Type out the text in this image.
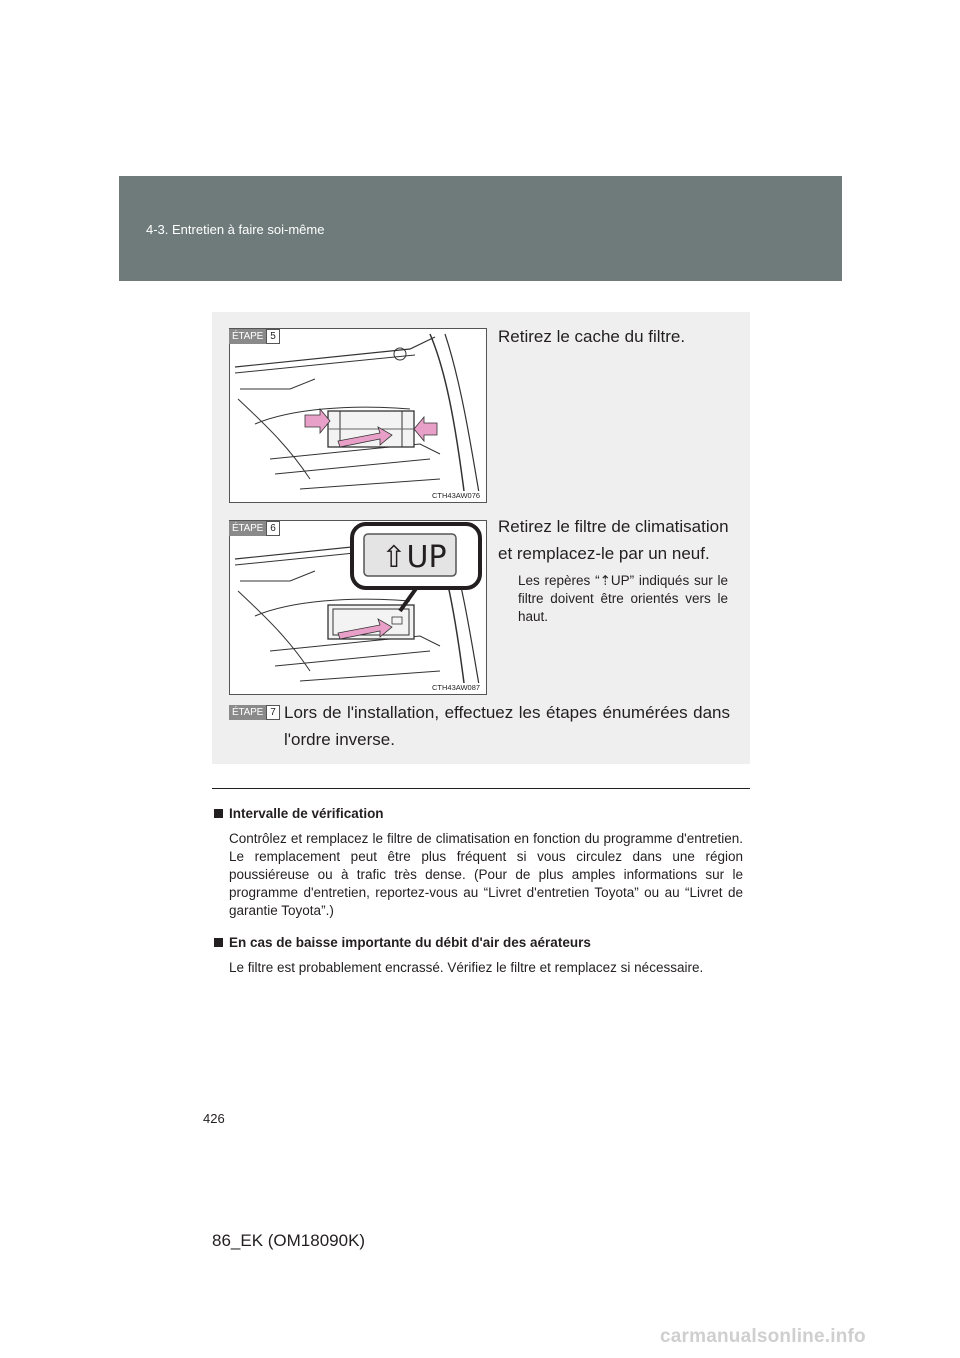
4-3. Entretien à faire soi-même
ÉTAPE 5
CTH43AW076
Retirez le cache du filtre.
⇧UP
ÉTAPE 6
CTH43AW087
Retirez le filtre de climatisation et remplacez-le par un neuf.
Les repères “⇡UP” indiqués sur le filtre doivent être orientés vers le haut.
ÉTAPE 7 Lors de l'installation, effectuez les étapes énumérées dans l'ordre inverse.
Intervalle de vérification
Contrôlez et remplacez le filtre de climatisation en fonction du programme d'entretien. Le remplacement peut être plus fréquent si vous circulez dans une région poussiéreuse ou à trafic très dense. (Pour de plus amples informations sur le programme d'entretien, reportez-vous au “Livret d'entretien Toyota” ou au “Livret de garantie Toyota”.)
En cas de baisse importante du débit d'air des aérateurs
Le filtre est probablement encrassé. Vérifiez le filtre et remplacez si nécessaire.
426
86_EK (OM18090K)
carmanualsonline.info
